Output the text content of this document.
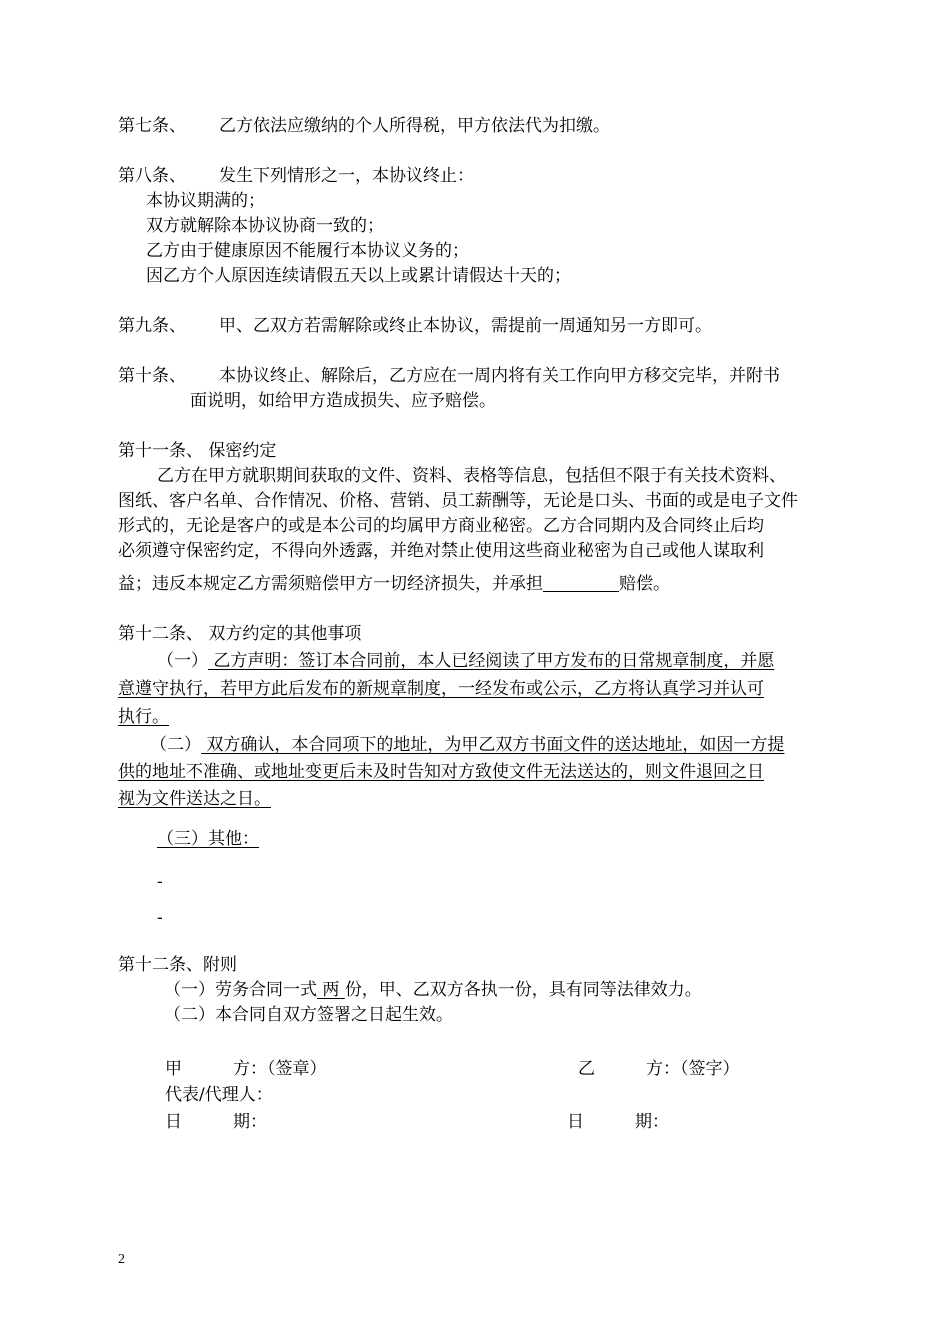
第七条、 乙方依法应缴纳的个人所得税，甲方依法代为扣缴。
第八条、 发生下列情形之一，本协议终止：
本协议期满的；
双方就解除本协议协商一致的；
乙方由于健康原因不能履行本协议义务的；
因乙方个人原因连续请假五天以上或累计请假达十天的；
第九条、 甲、乙双方若需解除或终止本协议，需提前一周通知另一方即可。
第十条、 本协议终止、解除后，乙方应在一周内将有关工作向甲方移交完毕，并附书
面说明，如给甲方造成损失、应予赔偿。
第十一条、 保密约定
乙方在甲方就职期间获取的文件、资料、表格等信息，包括但不限于有关技术资料、
图纸、客户名单、合作情况、价格、营销、员工薪酬等，无论是口头、书面的或是电子文件
形式的，无论是客户的或是本公司的均属甲方商业秘密。乙方合同期内及合同终止后均
必须遵守保密约定，不得向外透露，并绝对禁止使用这些商业秘密为自己或他人谋取利
益；违反本规定乙方需须赔偿甲方一切经济损失，并承担	赔偿。
第十二条、 双方约定的其他事项
（一） 乙方声明：签订本合同前，本人已经阅读了甲方发布的日常规章制度，并愿
意遵守执行，若甲方此后发布的新规章制度，一经发布或公示，乙方将认真学习并认可
执行。
（二） 双方确认，本合同项下的地址，为甲乙双方书面文件的送达地址，如因一方提
供的地址不准确、或地址变更后未及时告知对方致使文件无法送达的，则文件退回之日
视为文件送达之日。
（三）其他：
-
-
第十二条、附则
（一）劳务合同一式 两 份，甲、乙双方各执一份，具有同等法律效力。
（二）本合同自双方签署之日起生效。
甲　　　方：（签章）	乙　　　方：（签字）
代表/代理人：
日　　　期：	日　　　期：
2
